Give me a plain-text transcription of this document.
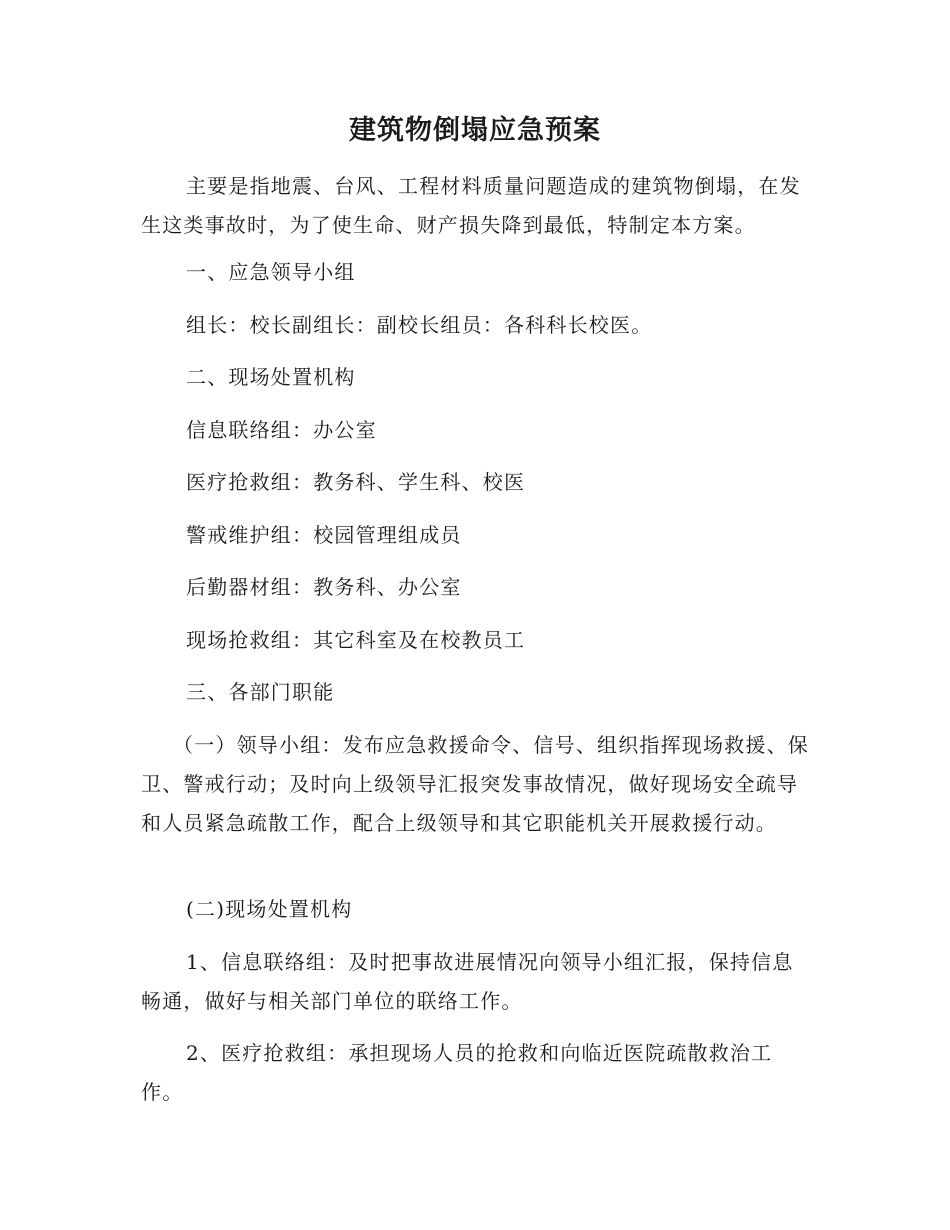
建筑物倒塌应急预案

主要是指地震、台风、工程材料质量问题造成的建筑物倒塌，在发生这类事故时，为了使生命、财产损失降到最低，特制定本方案。

一、应急领导小组

组长：校长副组长：副校长组员：各科科长校医。

二、现场处置机构

信息联络组：办公室

医疗抢救组：教务科、学生科、校医

警戒维护组：校园管理组成员

后勤器材组：教务科、办公室

现场抢救组：其它科室及在校教员工

三、各部门职能

（一）领导小组：发布应急救援命令、信号、组织指挥现场救援、保卫、警戒行动；及时向上级领导汇报突发事故情况，做好现场安全疏导和人员紧急疏散工作，配合上级领导和其它职能机关开展救援行动。

(二)现场处置机构

1、信息联络组：及时把事故进展情况向领导小组汇报，保持信息畅通，做好与相关部门单位的联络工作。

2、医疗抢救组：承担现场人员的抢救和向临近医院疏散救治工作。
